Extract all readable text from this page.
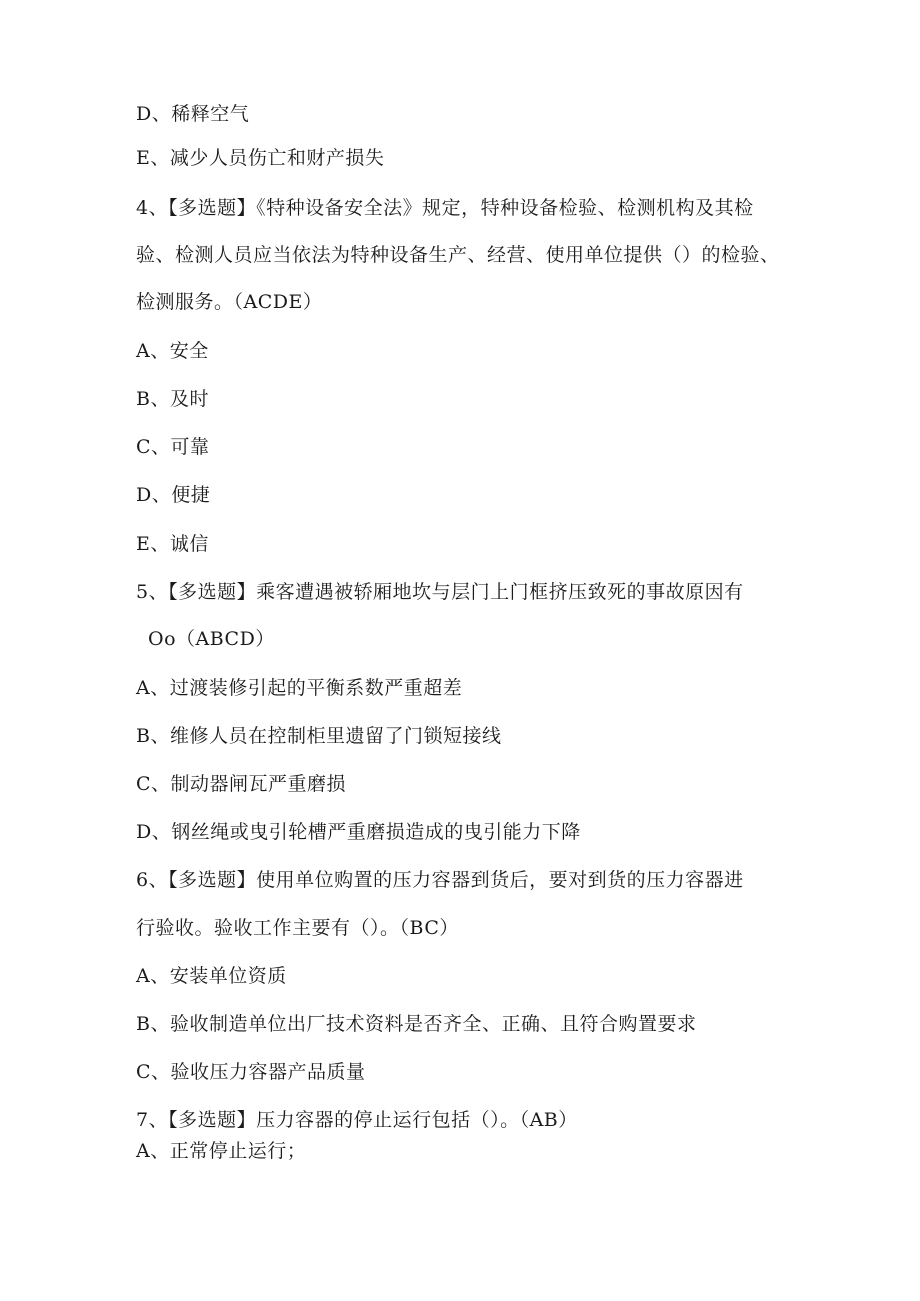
D、稀释空气
E、减少人员伤亡和财产损失
4、【多选题】《特种设备安全法》规定，特种设备检验、检测机构及其检
验、检测人员应当依法为特种设备生产、经营、使用单位提供（）的检验、
检测服务。（ACDE）
A、安全
B、及时
C、可靠
D、便捷
E、诚信
5、【多选题】乘客遭遇被轿厢地坎与层门上门框挤压致死的事故原因有
Oo（ABCD）
A、过渡装修引起的平衡系数严重超差
B、维修人员在控制柜里遗留了门锁短接线
C、制动器闸瓦严重磨损
D、钢丝绳或曳引轮槽严重磨损造成的曳引能力下降
6、【多选题】使用单位购置的压力容器到货后，要对到货的压力容器进
行验收。验收工作主要有（）。（BC）
A、安装单位资质
B、验收制造单位出厂技术资料是否齐全、正确、且符合购置要求
C、验收压力容器产品质量
7、【多选题】压力容器的停止运行包括（）。（AB）
A、正常停止运行；
